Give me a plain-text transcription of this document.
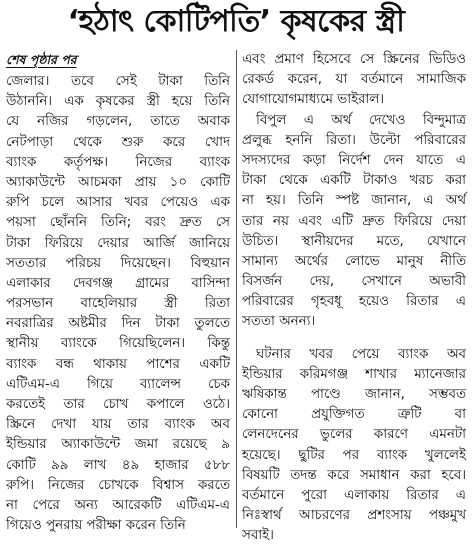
‘হঠাৎ কোটিপতি’ কৃষকের স্ত্রী
শেষ পৃষ্ঠার পর
জেলার। তবে সেই টাকা তিনি
উঠাননি। এক কৃষকের স্ত্রী হয়ে তিনি
যে নজির গড়লেন, তাতে অবাক
নেটপাড়া থেকে শুরু করে খোদ
ব্যাংক কর্তৃপক্ষ। নিজের ব্যাংক
অ্যাকাউন্টে আচমকা প্রায় ১০ কোটি
রুপি চলে আসার খবর পেয়েও এক
পয়সা ছোঁননি তিনি; বরং দ্রুত সে
টাকা ফিরিয়ে দেয়ার আর্জি জানিয়ে
সততার পরিচয় দিয়েছেন। বিহুয়ান
এলাকার দেবগঞ্জ গ্রামের বাসিন্দা
পরসভান বাহেলিয়ার স্ত্রী রিতা
নবরাত্রির অষ্টমীর দিন টাকা তুলতে
স্থানীয় ব্যাংকে গিয়েছিলেন। কিন্তু
ব্যাংক বন্ধ থাকায় পাশের একটি
এটিএম-এ গিয়ে ব্যালেন্স চেক
করতেই তার চোখ কপালে ওঠে।
স্ক্রিনে দেখা যায় তার ব্যাংক অব
ইন্ডিয়ার অ্যাকাউন্টে জমা রয়েছে ৯
কোটি ৯৯ লাখ ৪৯ হাজার ৫৮৮
রুপি। নিজের চোখকে বিশ্বাস করতে
না পেরে অন্য আরেকটি এটিএম-এ
গিয়েও পুনরায় পরীক্ষা করেন তিনি
এবং প্রমাণ হিসেবে সে স্ক্রিনের ভিডিও
রেকর্ড করেন, যা বর্তমানে সামাজিক
যোগাযোগমাধ্যমে ভাইরাল।
বিপুল এ অর্থ দেখেও বিন্দুমাত্র
প্রলুব্ধ হননি রিতা। উল্টো পরিবারের
সদস্যদের কড়া নির্দেশ দেন যাতে এ
টাকা থেকে একটি টাকাও খরচ করা
না হয়। তিনি স্পষ্ট জানান, এ অর্থ
তার নয় এবং এটি দ্রুত ফিরিয়ে দেয়া
উচিত। স্থানীয়দের মতে, যেখানে
সামান্য অর্থের লোভে মানুষ নীতি
বিসর্জন দেয়, সেখানে অভাবী
পরিবারের গৃহবধূ হয়েও রিতার এ
সততা অনন্য।
ঘটনার খবর পেয়ে ব্যাংক অব
ইন্ডিয়ার করিমগঞ্জ শাখার ম্যানেজার
ঋষিকান্ত পাণ্ডে জানান, সম্ভবত
কোনো প্রযুক্তিগত ত্রুটি বা
লেনদেনের ভুলের কারণে এমনটা
হয়েছে। ছুটির পর ব্যাংক খুললেই
বিষয়টি তদন্ত করে সমাধান করা হবে।
বর্তমানে পুরো এলাকায় রিতার এ
নিঃস্বার্থ আচরণের প্রশংসায় পঞ্চমুখ
সবাই।
